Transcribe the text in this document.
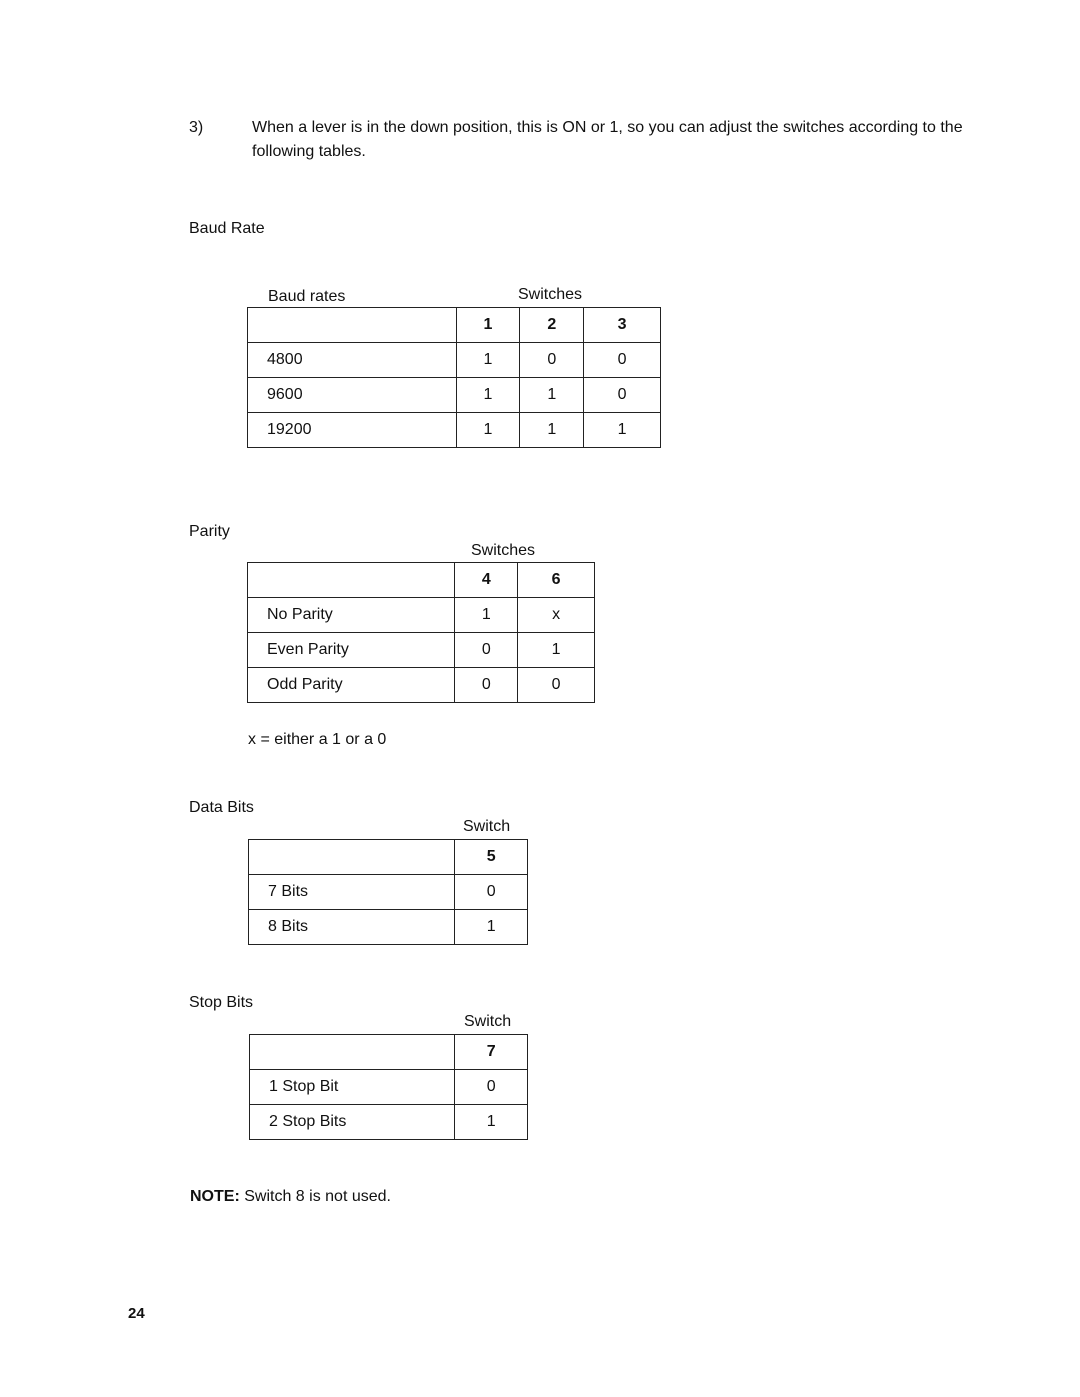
3)	When a lever is in the down position, this is ON or 1, so you can adjust the switches according to the following tables.
Baud Rate
Baud rates	Switches
	1	2	3
4800	1	0	0
9600	1	1	0
19200	1	1	1
Parity
Switches
	4	6
No Parity	1	x
Even Parity	0	1
Odd Parity	0	0
x = either a 1 or a 0
Data Bits
Switch
	5
7 Bits	0
8 Bits	1
Stop Bits
Switch
	7
1 Stop Bit	0
2 Stop Bits	1
NOTE: Switch 8 is not used.
24
